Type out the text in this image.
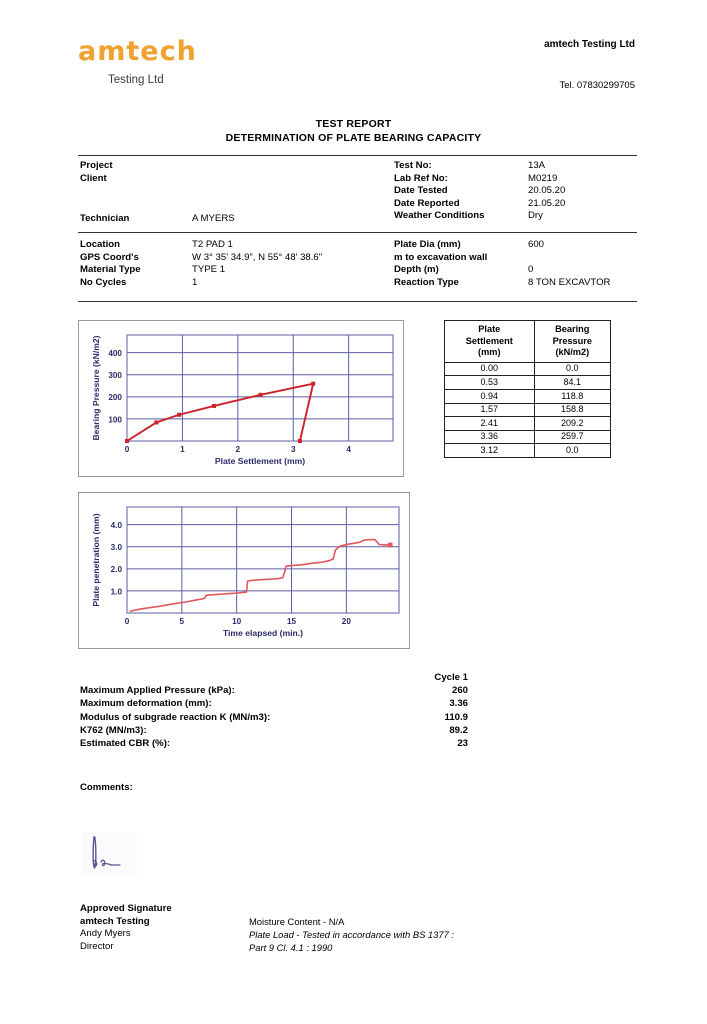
amtech
Testing Ltd
amtech Testing Ltd
Tel. 07830299705
TEST REPORT
DETERMINATION OF PLATE BEARING CAPACITY
Project
Client
Technician	A MYERS
Test No:	13A
Lab Ref No:	M0219
Date Tested	20.05.20
Date Reported	21.05.20
Weather Conditions	Dry
Location	T2 PAD 1
GPS Coord's	W 3° 35' 34.9", N 55° 48' 38.6"
Material Type	TYPE 1
No Cycles	1
Plate Dia (mm)	600
m to excavation wall
Depth (m)	0
Reaction Type	8 TON EXCAVTOR
100
200
300
400
0	1	2	3	4
Plate Settlement (mm)
Bearing Pressure (kN/m2)
1.0
2.0
3.0
4.0
0	5	10	15	20
Time elapsed (min.)
Plate penetration (mm)
Plate
Settlement
(mm)

Bearing
Pressure
(kN/m2)

0.00	0.0
0.53	84.1
0.94	118.8
1.57	158.8
2.41	209.2
3.36	259.7
3.12	0.0
Cycle 1
Maximum Applied Pressure (kPa):	260
Maximum deformation (mm):	3.36
Modulus of subgrade reaction K (MN/m3):	110.9
K762 (MN/m3):	89.2
Estimated CBR (%):	23
Comments:
Approved Signature
amtech Testing
Andy Myers
Director
Moisture Content - N/A
Plate Load - Tested in accordance with BS 1377 :
Part 9 Cl. 4.1 : 1990
